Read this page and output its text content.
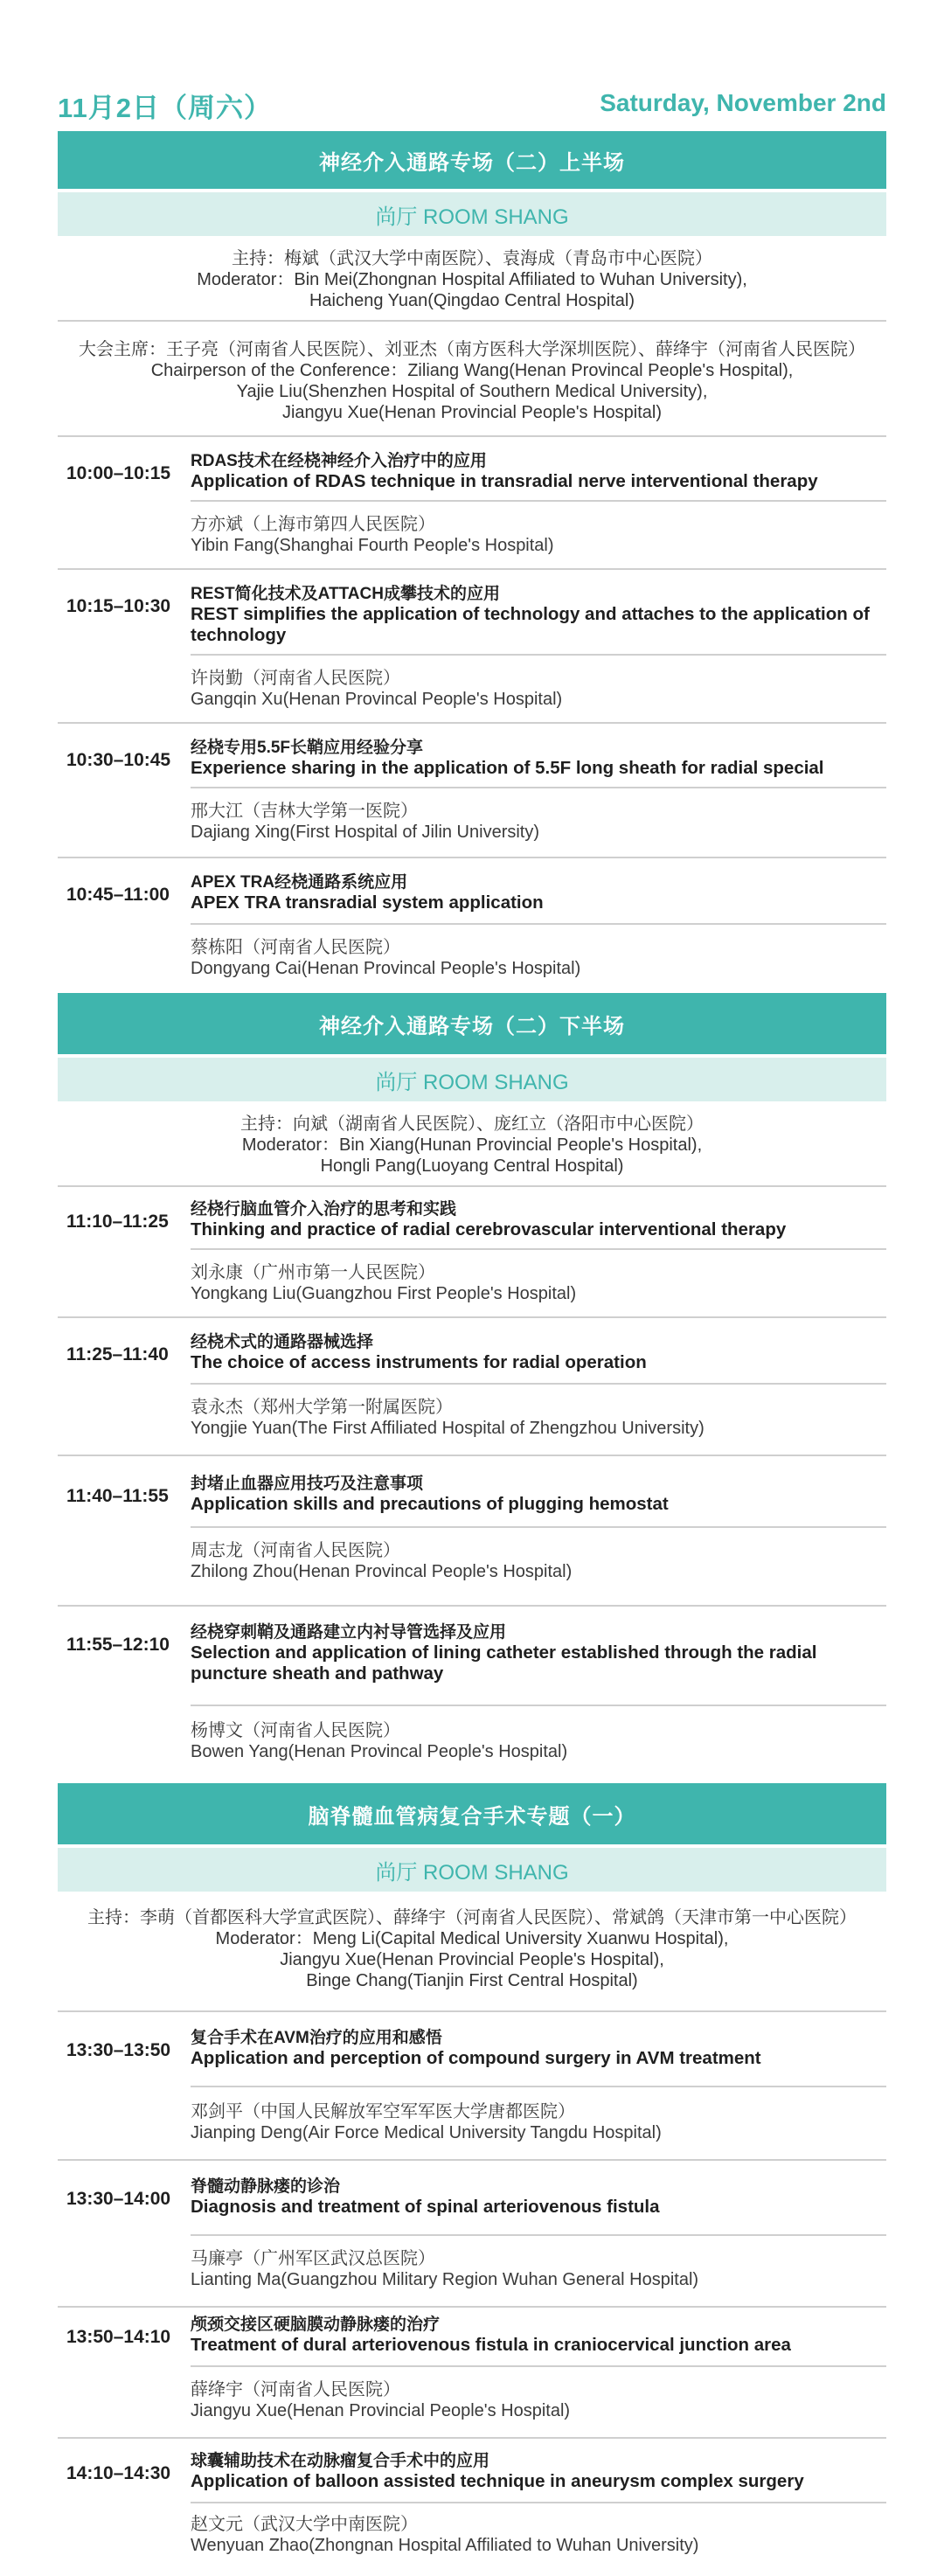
11月2日（周六）	Saturday, November 2nd
神经介入通路专场（二）上半场
尚厅 ROOM SHANG
主持：梅斌（武汉大学中南医院）、袁海成（青岛市中心医院）
Moderator：Bin Mei(Zhongnan Hospital Affiliated to Wuhan University),
Haicheng Yuan(Qingdao Central Hospital)
大会主席：王子亮（河南省人民医院）、刘亚杰（南方医科大学深圳医院）、薛绛宇（河南省人民医院）
Chairperson of the Conference：Ziliang Wang(Henan Provincal People's Hospital),
Yajie Liu(Shenzhen Hospital of Southern Medical University),
Jiangyu Xue(Henan Provincial People's Hospital)
10:00–10:15
RDAS技术在经桡神经介入治疗中的应用
Application of RDAS technique in transradial nerve interventional therapy
方亦斌（上海市第四人民医院）
Yibin Fang(Shanghai Fourth People's Hospital)
10:15–10:30
REST简化技术及ATTACH成攀技术的应用
REST simplifies the application of technology and attaches to the application of technology
许岗勤（河南省人民医院）
Gangqin Xu(Henan Provincal People's Hospital)
10:30–10:45
经桡专用5.5F长鞘应用经验分享
Experience sharing in the application of 5.5F long sheath for radial special
邢大江（吉林大学第一医院）
Dajiang Xing(First Hospital of Jilin University)
10:45–11:00
APEX TRA经桡通路系统应用
APEX TRA transradial system application
蔡栋阳（河南省人民医院）
Dongyang Cai(Henan Provincal People's Hospital)
神经介入通路专场（二）下半场
尚厅 ROOM SHANG
主持：向斌（湖南省人民医院）、庞红立（洛阳市中心医院）
Moderator：Bin Xiang(Hunan Provincial People's Hospital),
Hongli Pang(Luoyang Central Hospital)
11:10–11:25
经桡行脑血管介入治疗的思考和实践
Thinking and practice of radial cerebrovascular interventional therapy
刘永康（广州市第一人民医院）
Yongkang Liu(Guangzhou First People's Hospital)
11:25–11:40
经桡术式的通路器械选择
The choice of access instruments for radial operation
袁永杰（郑州大学第一附属医院）
Yongjie Yuan(The First Affiliated Hospital of Zhengzhou University)
11:40–11:55
封堵止血器应用技巧及注意事项
Application skills and precautions of plugging hemostat
周志龙（河南省人民医院）
Zhilong Zhou(Henan Provincal People's Hospital)
11:55–12:10
经桡穿刺鞘及通路建立内衬导管选择及应用
Selection and application of lining catheter established through the radial puncture sheath and pathway
杨博文（河南省人民医院）
Bowen Yang(Henan Provincal People's Hospital)
脑脊髓血管病复合手术专题（一）
尚厅 ROOM SHANG
主持：李萌（首都医科大学宣武医院）、薛绛宇（河南省人民医院）、常斌鸽（天津市第一中心医院）
Moderator：Meng Li(Capital Medical University Xuanwu Hospital),
Jiangyu Xue(Henan Provincial People's Hospital),
Binge Chang(Tianjin First Central Hospital)
13:30–13:50
复合手术在AVM治疗的应用和感悟
Application and perception of compound surgery in AVM treatment
邓剑平（中国人民解放军空军军医大学唐都医院）
Jianping Deng(Air Force Medical University Tangdu Hospital)
13:30–14:00
脊髓动静脉瘘的诊治
Diagnosis and treatment of spinal arteriovenous fistula
马廉亭（广州军区武汉总医院）
Lianting Ma(Guangzhou Military Region Wuhan General Hospital)
13:50–14:10
颅颈交接区硬脑膜动静脉瘘的治疗
Treatment of dural arteriovenous fistula in craniocervical junction area
薛绛宇（河南省人民医院）
Jiangyu Xue(Henan Provincial People's Hospital)
14:10–14:30
球囊辅助技术在动脉瘤复合手术中的应用
Application of balloon assisted technique in aneurysm complex surgery
赵文元（武汉大学中南医院）
Wenyuan Zhao(Zhongnan Hospital Affiliated to Wuhan University)
